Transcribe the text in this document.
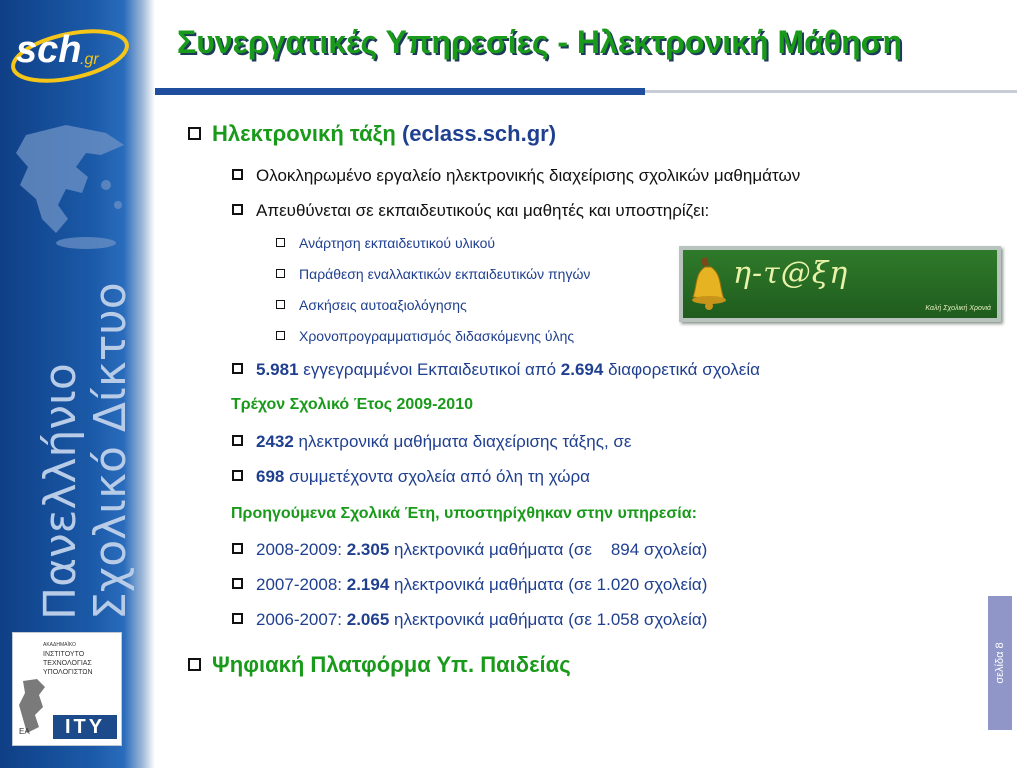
sch
.gr
Πανελλήνιο Σχολικό Δίκτυο
ΑΚΑΔΗΜΑΪΚΟ
ΙΝΣΤΙΤΟΥΤΟ
ΤΕΧΝΟΛΟΓΙΑΣ
ΥΠΟΛΟΓΙΣΤΩΝ
ΕΑ	ΙΤΥ
Συνεργατικές Υπηρεσίες - Ηλεκτρονική Μάθηση
Ηλεκτρονική τάξη (eclass.sch.gr)
Ολοκληρωμένο εργαλείο ηλεκτρονικής διαχείρισης σχολικών μαθημάτων
Απευθύνεται σε εκπαιδευτικούς και μαθητές και υποστηρίζει:
Ανάρτηση εκπαιδευτικού υλικού
Παράθεση εναλλακτικών εκπαιδευτικών πηγών
Ασκήσεις αυτοαξιολόγησης
Χρονοπρογραμματισμός διδασκόμενης ύλης
5.981 εγγεγραμμένοι Εκπαιδευτικοί από 2.694 διαφορετικά σχολεία
Τρέχον Σχολικό Έτος 2009-2010
2432 ηλεκτρονικά μαθήματα διαχείρισης τάξης, σε
698 συμμετέχοντα σχολεία από όλη τη χώρα
Προηγούμενα Σχολικά Έτη, υποστηρίχθηκαν στην υπηρεσία:
2008-2009: 2.305 ηλεκτρονικά μαθήματα (σε    894 σχολεία)
2007-2008: 2.194 ηλεκτρονικά μαθήματα (σε 1.020 σχολεία)
2006-2007: 2.065 ηλεκτρονικά μαθήματα (σε 1.058 σχολεία)
Ψηφιακή Πλατφόρμα Υπ. Παιδείας
η-τ@ξη
Καλή Σχολική Χρονιά
σελίδα 8
